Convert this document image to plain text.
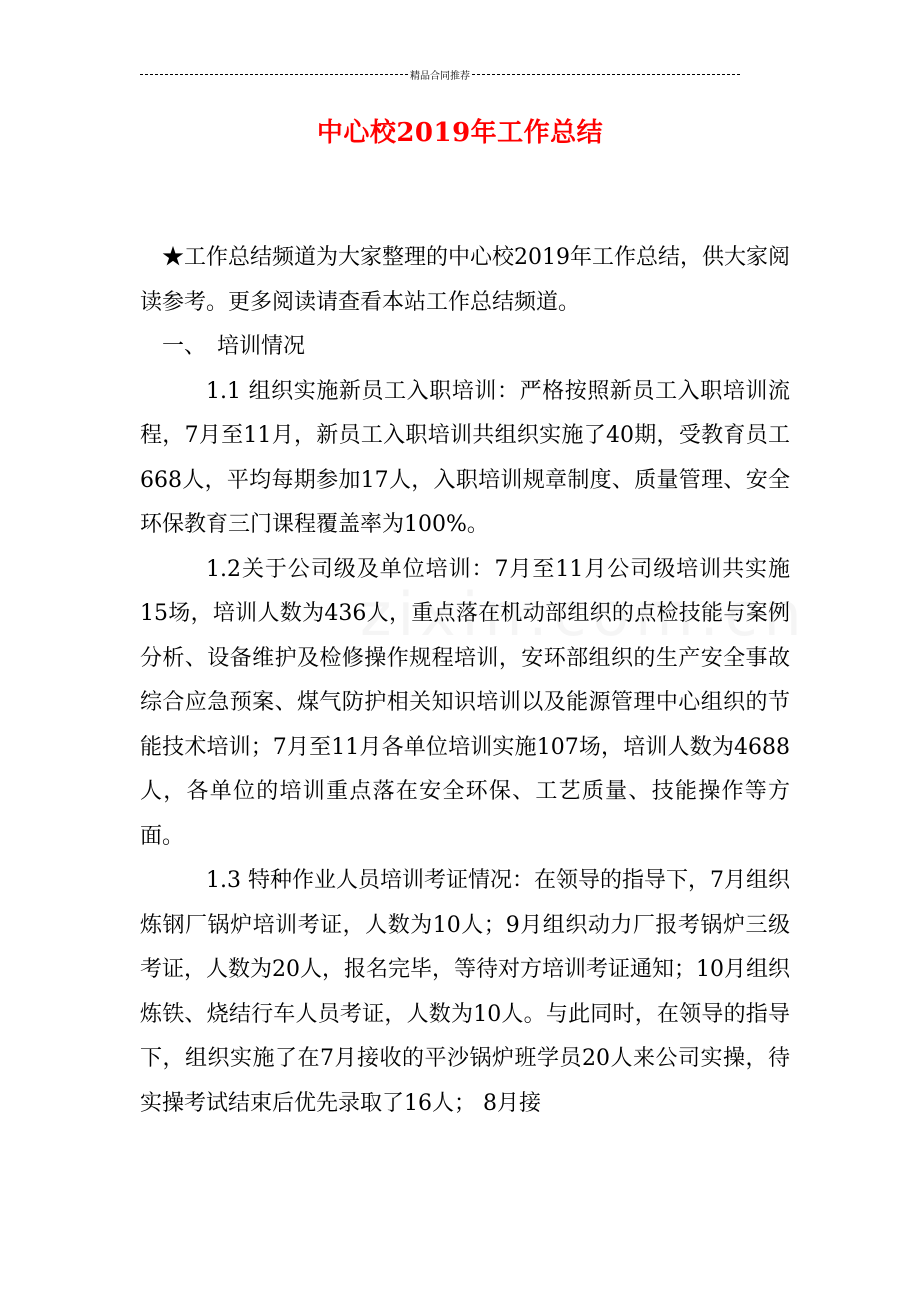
精品合同推荐
中心校2019年工作总结

★工作总结频道为大家整理的中心校2019年工作总结，供大家阅读参考。更多阅读请查看本站工作总结频道。

一、　培训情况

1.1 组织实施新员工入职培训：严格按照新员工入职培训流程，7月至11月，新员工入职培训共组织实施了40期，受教育员工668人，平均每期参加17人，入职培训规章制度、质量管理、安全环保教育三门课程覆盖率为100%。

1.2关于公司级及单位培训：7月至11月公司级培训共实施15场，培训人数为436人，重点落在机动部组织的点检技能与案例分析、设备维护及检修操作规程培训，安环部组织的生产安全事故综合应急预案、煤气防护相关知识培训以及能源管理中心组织的节能技术培训；7月至11月各单位培训实施107场，培训人数为4688人，各单位的培训重点落在安全环保、工艺质量、技能操作等方面。

1.3 特种作业人员培训考证情况：在领导的指导下，7月组织炼钢厂锅炉培训考证，人数为10人；9月组织动力厂报考锅炉三级考证，人数为20人，报名完毕，等待对方培训考证通知；10月组织炼铁、烧结行车人员考证，人数为10人。与此同时，在领导的指导下，组织实施了在7月接收的平沙锅炉班学员20人来公司实操，待实操考试结束后优先录取了16人； 8月接
